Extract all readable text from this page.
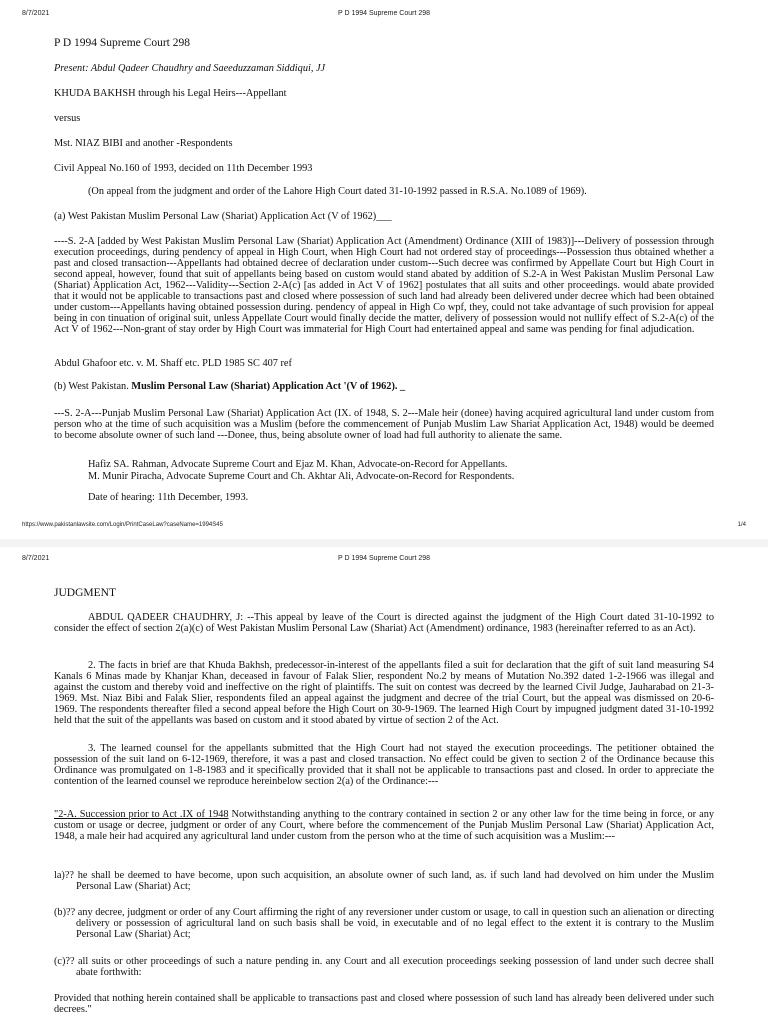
8/7/2021	P D 1994 Supreme Court 298
P D 1994 Supreme Court 298
Present: Abdul Qadeer Chaudhry and Saeeduzzaman Siddiqui, JJ
KHUDA BAKHSH through his Legal Heirs---Appellant
versus
Mst. NIAZ BIBI and another -Respondents
Civil Appeal No.160 of 1993, decided on 11th December 1993
(On appeal from the judgment and order of the Lahore High Court dated 31-10-1992 passed in R.S.A. No.1089 of 1969).
(a) West Pakistan Muslim Personal Law (Shariat) Application Act (V of 1962)___
----S. 2-A [added by West Pakistan Muslim Personal Law (Shariat) Application Act (Amendment) Ordinance (XIII of 1983)]---Delivery of possession through execution proceedings, during pendency of appeal in High Court, when High Court had not ordered stay of proceedings---Possession thus obtained whether a past and closed transaction---Appellants had obtained decree of declaration under custom---Such decree was confirmed by Appellate Court but High Court in second appeal, however, found that suit of appellants being based on custom would stand abated by addition of S.2-A in West Pakistan Muslim Personal Law (Shariat) Application Act, 1962---Validity---Section 2-A(c) [as added in Act V of 1962] postulates that all suits and other proceedings. would abate provided that it would not be applicable to transactions past and closed where possession of such land had already been delivered under decree which had been obtained under custom---Appellants having obtained possession during. pendency of appeal in High Co wpf, they, could not take advantage of such provision for appeal being in con tinuation of original suit, unless Appellate Court would finally decide the matter, delivery of possession would not nullify effect of S.2-A(c) of the Act V of 1962---Non-grant of stay order by High Court was immaterial for High Court had entertained appeal and same was pending for final adjudication.
Abdul Ghafoor etc. v. M. Shaff etc. PLD 1985 SC 407 ref
(b) West Pakistan. Muslim Personal Law (Shariat) Application Act '(V of 1962). _
---S. 2-A---Punjab Muslim Personal Law (Shariat) Application Act (IX. of 1948, S. 2---Male heir (donee) having acquired agricultural land under custom from person who at the time of such acquisition was a Muslim (before the commencement of Punjab Muslim Law Shariat Application Act, 1948) would be deemed to become absolute owner of such land ---Donee, thus, being absolute owner of load had full authority to alienate the same.
Hafiz SA. Rahman, Advocate Supreme Court and Ejaz M. Khan, Advocate-on-Record for Appellants.
M. Munir Piracha, Advocate Supreme Court and Ch. Akhtar Ali, Advocate-on-Record for Respondents.
Date of hearing: 11th December, 1993.
https://www.pakistanlawsite.com/Login/PrintCaseLaw?caseName=1994S45	1/4
8/7/2021	P D 1994 Supreme Court 298
JUDGMENT
ABDUL QADEER CHAUDHRY, J: --This appeal by leave of the Court is directed against the judgment of the High Court dated 31-10-1992 to consider the effect of section 2(a)(c) of West Pakistan Muslim Personal Law (Shariat) Act (Amendment) ordinance, 1983 (hereinafter referred to as an Act).
2. The facts in brief are that Khuda Bakhsh, predecessor-in-interest of the appellants filed a suit for declaration that the gift of suit land measuring S4 Kanals 6 Minas made by Khanjar Khan, deceased in favour of Falak Slier, respondent No.2 by means of Mutation No.392 dated 1-2-1966 was illegal and against the custom and thereby void and ineffective on the right of plaintiffs. The suit on contest was decreed by the learned Civil Judge, Jauharabad on 21-3-1969. Mst. Niaz Bibi and Falak Slier, respondents filed an appeal against the judgment and decree of the trial Court, but the appeal was dismissed on 20-6-1969. The respondents thereafter filed a second appeal before the High Court on 30-9-1969. The learned High Court by impugned judgment dated 31-10-1992 held that the suit of the appellants was based on custom and it stood abated by virtue of section 2 of the Act.
3. The learned counsel for the appellants submitted that the High Court had not stayed the execution proceedings. The petitioner obtained the possession of the suit land on 6-12-1969, therefore, it was a past and closed transaction. No effect could be given to section 2 of the Ordinance because this Ordinance was promulgated on 1-8-1983 and it specifically provided that it shall not be applicable to transactions past and closed. In order to appreciate the contention of the learned counsel we reproduce hereinbelow section 2(a) of the Ordinance:---
"2-A. Succession prior to Act .IX of 1948 Notwithstanding anything to the contrary contained in section 2 or any other law for the time being in force, or any custom or usage or decree, judgment or order of any Court, where before the commencement of the Punjab Muslim Personal Law (Shariat) Application Act, 1948, a male heir had acquired any agricultural land under custom from the person who at the time of such acquisition was a Muslim:---
la)?? he shall be deemed to have become, upon such acquisition, an absolute owner of such land, as. if such land had devolved on him under the Muslim Personal Law (Shariat) Act;
(b)?? any decree, judgment or order of any Court affirming the right of any reversioner under custom or usage, to call in question such an alienation or directing delivery or possession of agricultural land on such basis shall be void, in executable and of no legal effect to the extent it is contrary to the Muslim Personal Law (Shariat) Act;
(c)?? all suits or other proceedings of such a nature pending in. any Court and all execution proceedings seeking possession of land under such decree shall abate forthwith:
Provided that nothing herein contained shall be applicable to transactions past and closed where possession of such land has already been delivered under such decrees."
